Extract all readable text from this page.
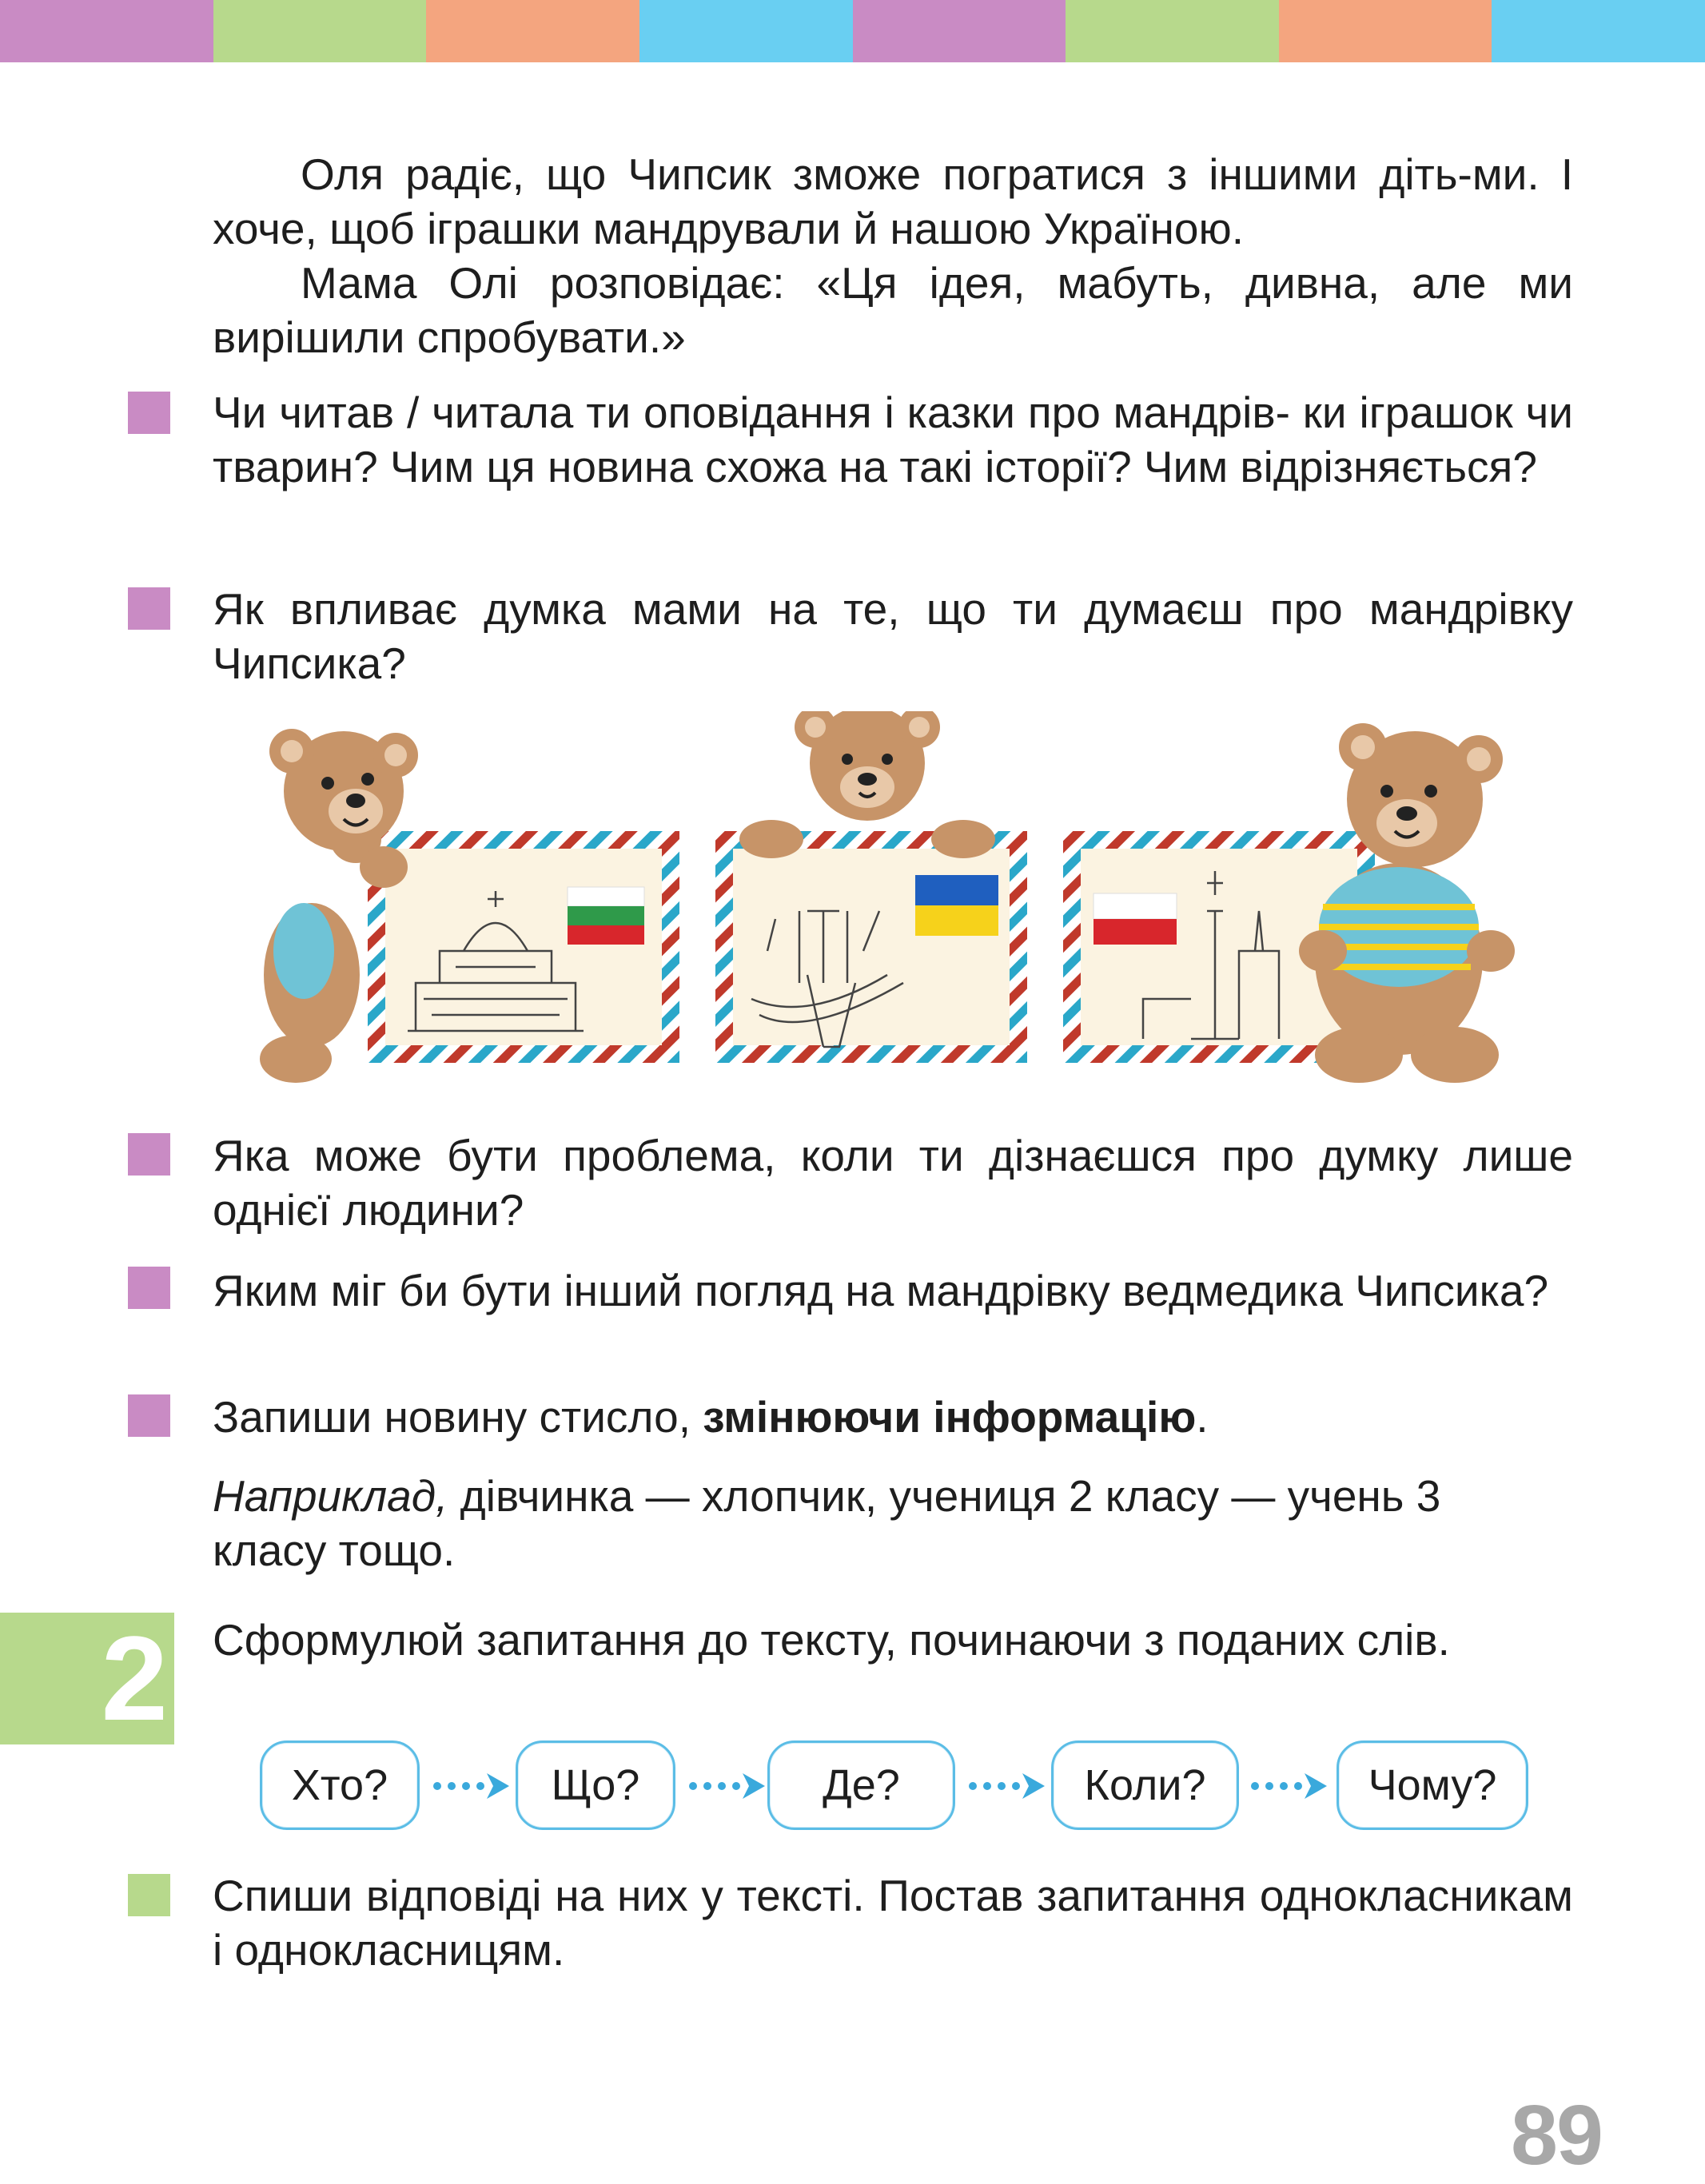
Оля радіє, що Чипсик зможе погратися з іншими діть-ми. І хоче, щоб іграшки мандрували й нашою Україною.
Мама Олі розповідає: «Ця ідея, мабуть, дивна, але ми вирішили спробувати.»
Чи читав / читала ти оповідання і казки про мандрів- ки іграшок чи тварин? Чим ця новина схожа на такі історії? Чим відрізняється?
Як впливає думка мами на те, що ти думаєш про мандрівку Чипсика?
Яка може бути проблема, коли ти дізнаєшся про думку лише однієї людини?
Яким міг би бути інший погляд на мандрівку ведмедика Чипсика?
Запиши новину стисло, змінюючи інформацію.
Наприклад, дівчинка — хлопчик, учениця 2 класу — учень 3 класу тощо.
2 Сформулюй запитання до тексту, починаючи з поданих слів.
Хто?	Що?	Де?	Коли?	Чому?
Спиши відповіді на них у тексті. Постав запитання однокласникам і однокласницям.
89
